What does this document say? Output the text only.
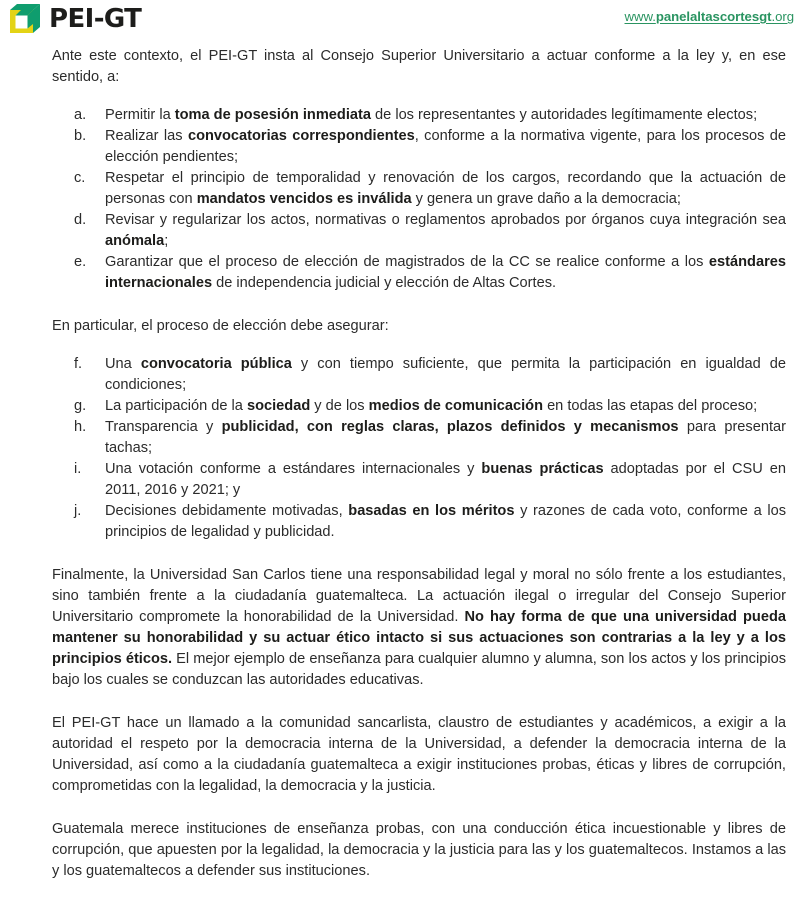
PEI-GT	www.panelaltascortesgt.org

Ante este contexto, el PEI-GT insta al Consejo Superior Universitario a actuar conforme a la ley y, en ese sentido, a:

a.	Permitir la toma de posesión inmediata de los representantes y autoridades legítimamente electos;
b.	Realizar las convocatorias correspondientes, conforme a la normativa vigente, para los procesos de elección pendientes;
c.	Respetar el principio de temporalidad y renovación de los cargos, recordando que la actuación de personas con mandatos vencidos es inválida y genera un grave daño a la democracia;
d.	Revisar y regularizar los actos, normativas o reglamentos aprobados por órganos cuya integración sea anómala;
e.	Garantizar que el proceso de elección de magistrados de la CC se realice conforme a los estándares internacionales de independencia judicial y elección de Altas Cortes.

En particular, el proceso de elección debe asegurar:

f.	Una convocatoria pública y con tiempo suficiente, que permita la participación en igualdad de condiciones;
g.	La participación de la sociedad y de los medios de comunicación en todas las etapas del proceso;
h.	Transparencia y publicidad, con reglas claras, plazos definidos y mecanismos para presentar tachas;
i.	Una votación conforme a estándares internacionales y buenas prácticas adoptadas por el CSU en 2011, 2016 y 2021; y
j.	Decisiones debidamente motivadas, basadas en los méritos y razones de cada voto, conforme a los principios de legalidad y publicidad.

Finalmente, la Universidad San Carlos tiene una responsabilidad legal y moral no sólo frente a los estudiantes, sino también frente a la ciudadanía guatemalteca. La actuación ilegal o irregular del Consejo Superior Universitario compromete la honorabilidad de la Universidad. No hay forma de que una universidad pueda mantener su honorabilidad y su actuar ético intacto si sus actuaciones son contrarias a la ley y a los principios éticos. El mejor ejemplo de enseñanza para cualquier alumno y alumna, son los actos y los principios bajo los cuales se conduzcan las autoridades educativas.

El PEI-GT hace un llamado a la comunidad sancarlista, claustro de estudiantes y académicos, a exigir a la autoridad el respeto por la democracia interna de la Universidad, a defender la democracia interna de la Universidad, así como a la ciudadanía guatemalteca a exigir instituciones probas, éticas y libres de corrupción, comprometidas con la legalidad, la democracia y la justicia.

Guatemala merece instituciones de enseñanza probas, con una conducción ética incuestionable y libres de corrupción, que apuesten por la legalidad, la democracia y la justicia para las y los guatemaltecos. Instamos a las y los guatemaltecos a defender sus instituciones.
